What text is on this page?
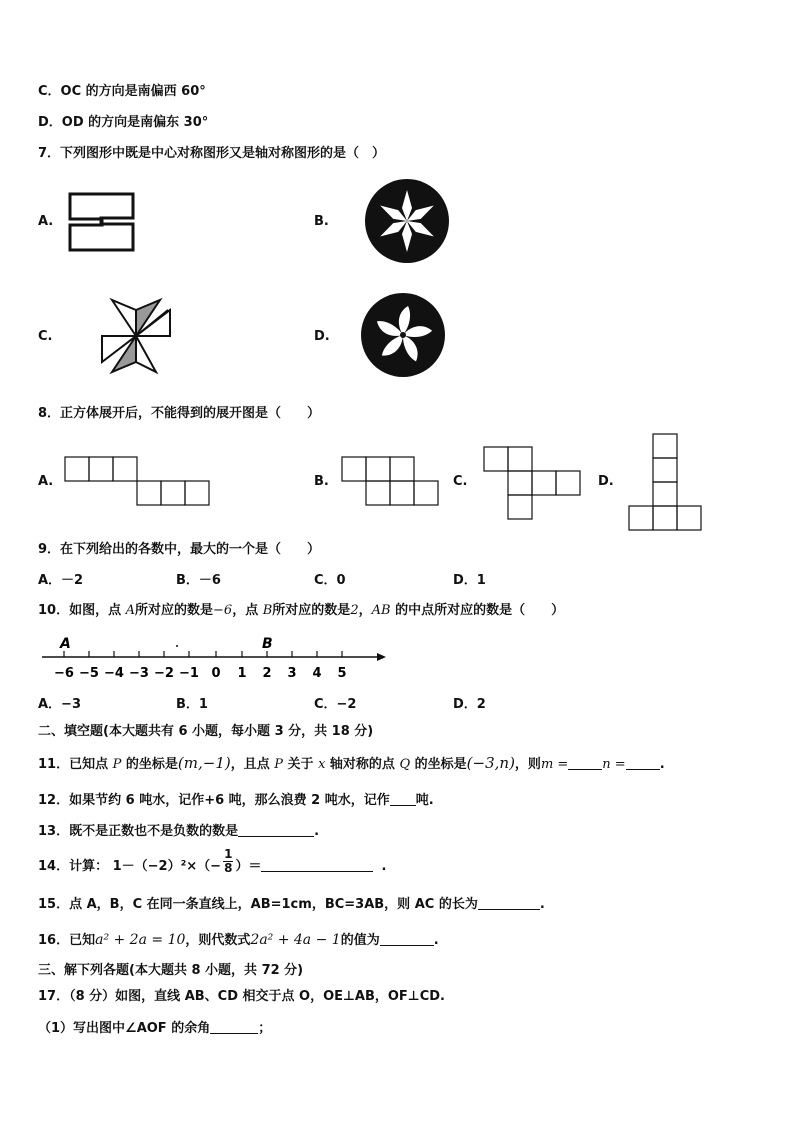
C．OC 的方向是南偏西 60°
D．OD 的方向是南偏东 30°
7．下列图形中既是中心对称图形又是轴对称图形的是（　）
A.	B.
C.	D.
8．正方体展开后，不能得到的展开图是（　　）
A.	B.	C.	D.
9．在下列给出的各数中，最大的一个是（　　）
A．－2	B．－6	C．0	D．1
10．如图，点 A所对应的数是−6，点 B所对应的数是2，AB 的中点所对应的数是（　　）
A	B
−6 −5 −4 −3 −2 −1 0 1 2 3 4 5
A．−3	B．1	C．−2	D．2
二、填空题(本大题共有 6 小题，每小题 3 分，共 18 分)
11．已知点 P 的坐标是(m,−1)，且点 P 关于 x 轴对称的点 Q 的坐标是(−3,n)，则m =	n =	.
12．如果节约 6 吨水，记作+6 吨，那么浪费 2 吨水，记作 吨.
13．既不是正数也不是负数的数是	.
14．计算： $1-(-2)^2\times(- \frac{1}{8}$ ）＝	.
15．点 A，B，C 在同一条直线上，AB=1cm，BC=3AB，则 AC 的长为	.
16．已知a² + 2a = 10，则代数式2a² + 4a − 1的值为	.
三、解下列各题(本大题共 8 小题，共 72 分)
17．（8 分）如图，直线 AB、CD 相交于点 O，OE⊥AB，OF⊥CD.
（1）写出图中∠AOF 的余角	；
